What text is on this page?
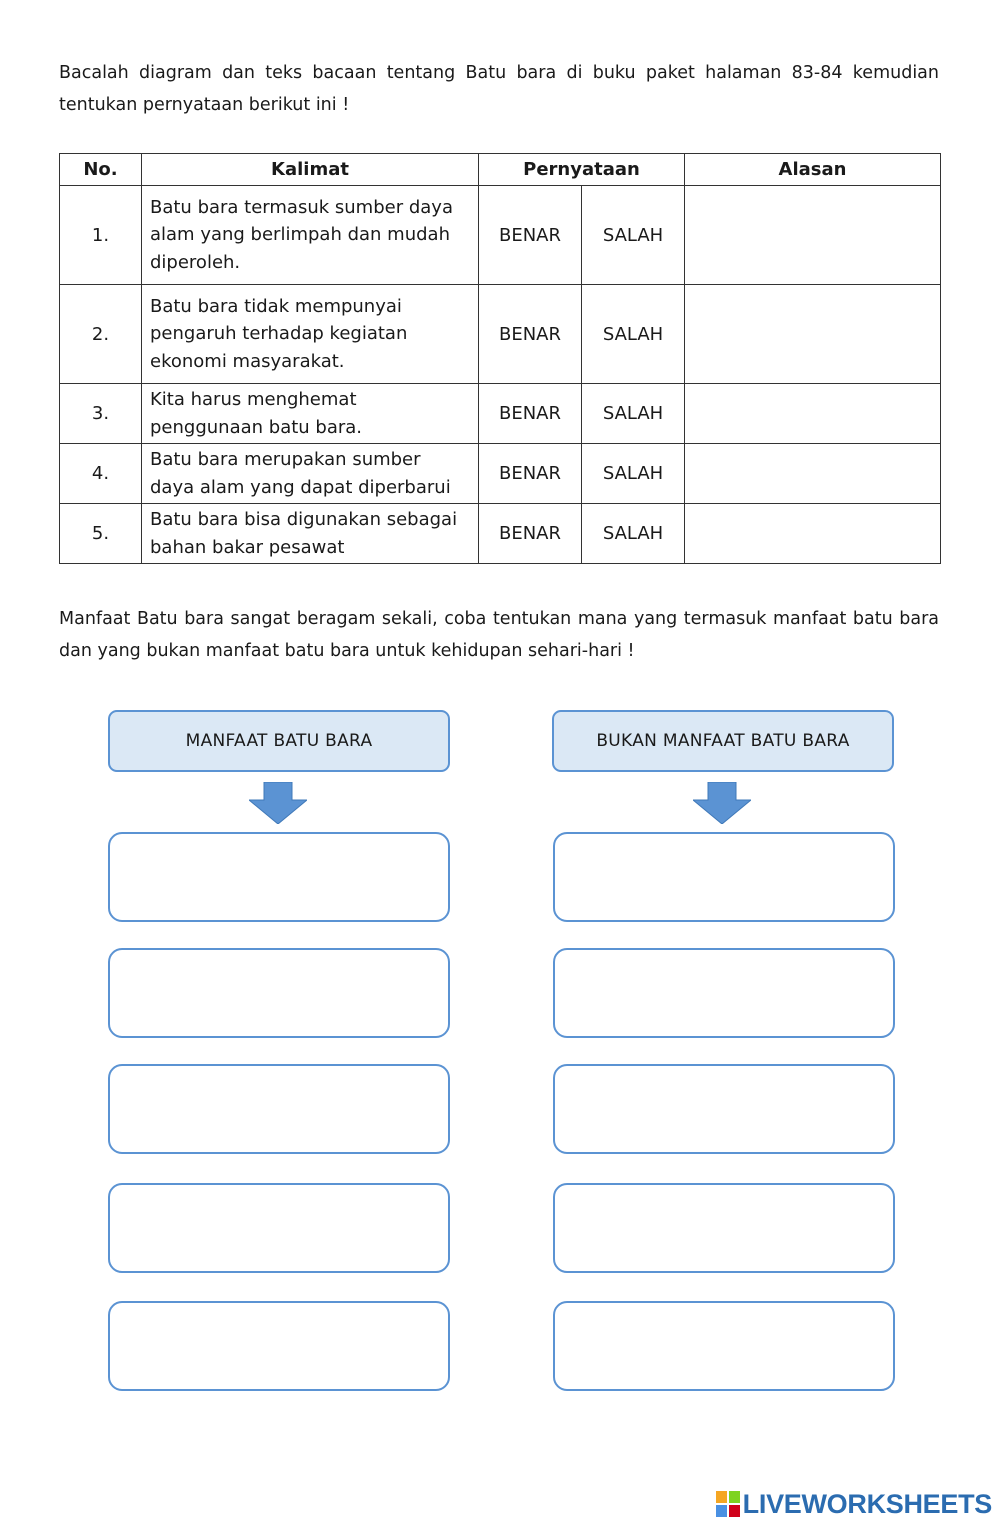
Bacalah diagram dan teks bacaan tentang Batu bara di buku paket halaman 83-84 kemudian tentukan pernyataan berikut ini !

No.	Kalimat	Pernyataan		Alasan
1.	Batu bara termasuk sumber daya alam yang berlimpah dan mudah diperoleh.	BENAR	SALAH	
2.	Batu bara tidak mempunyai pengaruh terhadap kegiatan ekonomi masyarakat.	BENAR	SALAH	
3.	Kita harus menghemat penggunaan batu bara.	BENAR	SALAH	
4.	Batu bara merupakan sumber daya alam yang dapat diperbarui	BENAR	SALAH	
5.	Batu bara bisa digunakan sebagai bahan bakar pesawat	BENAR	SALAH	

Manfaat Batu bara sangat beragam sekali, coba tentukan mana yang termasuk manfaat batu bara dan yang bukan manfaat batu bara untuk kehidupan sehari-hari !

MANFAAT BATU BARA	BUKAN MANFAAT BATU BARA
LIVEWORKSHEETS
